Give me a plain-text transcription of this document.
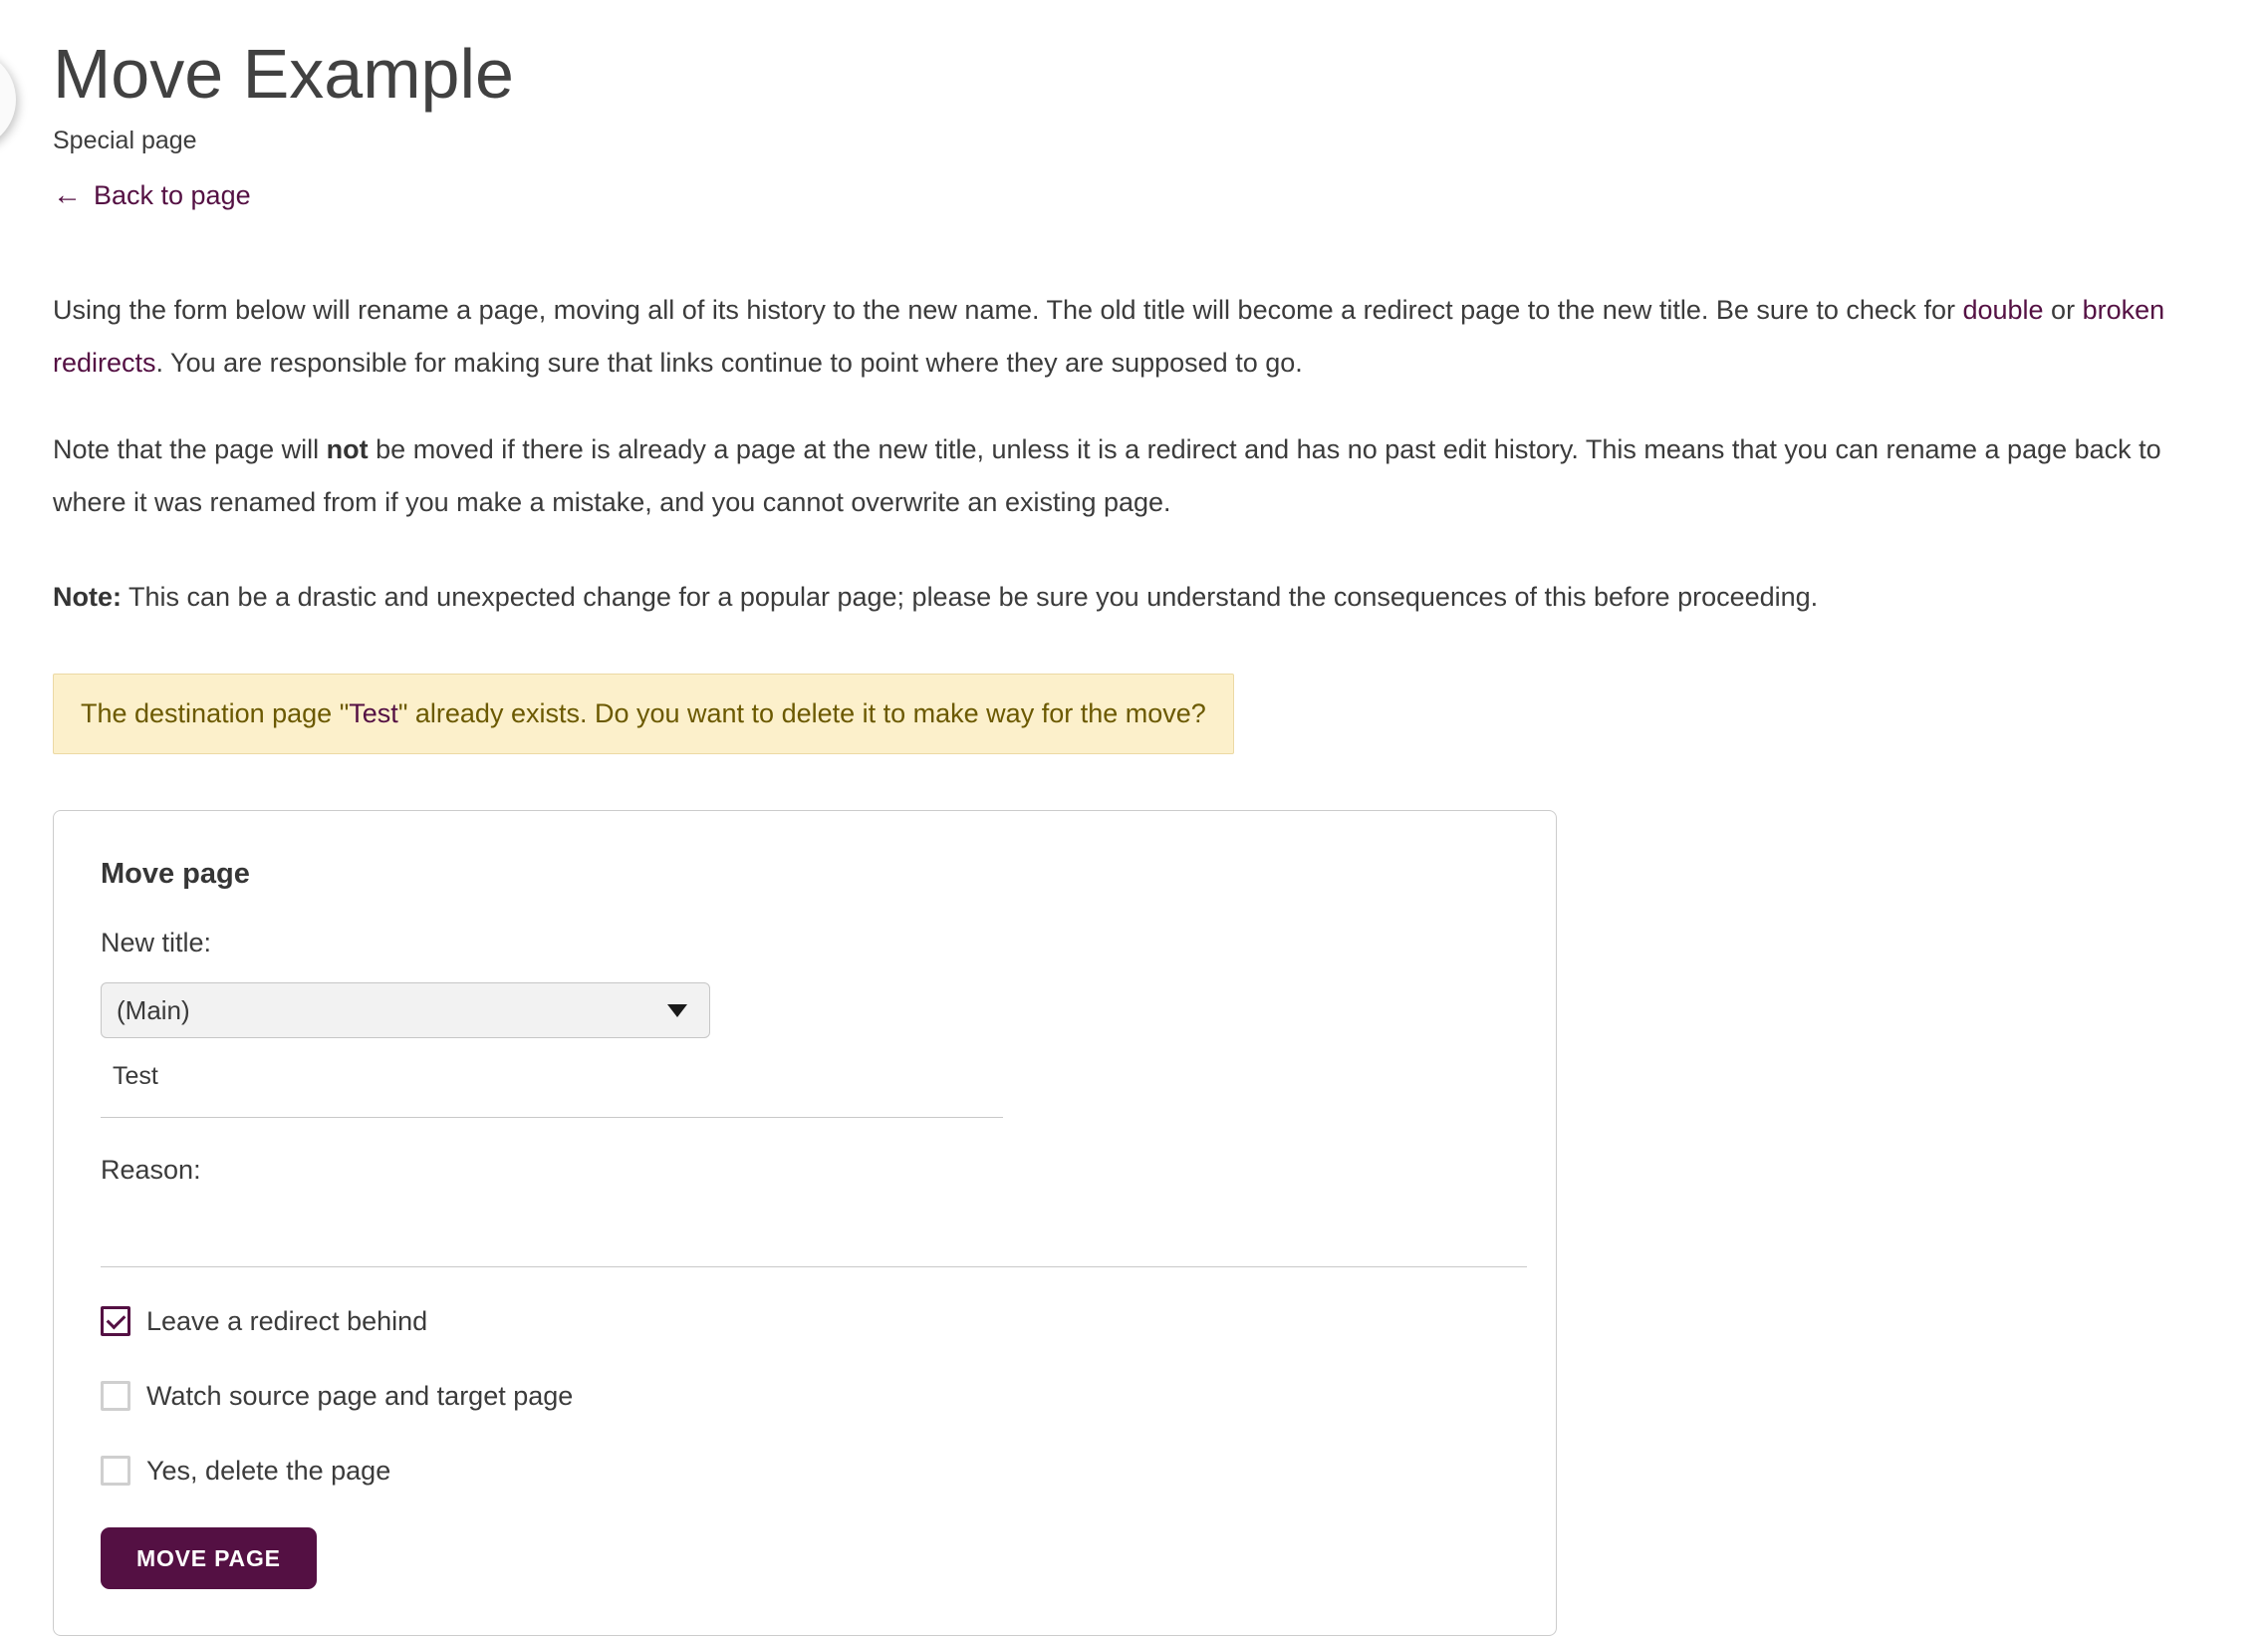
Move Example
Special page
← Back to page

Using the form below will rename a page, moving all of its history to the new name. The old title will become a redirect page to the new title. Be sure to check for double or broken redirects. You are responsible for making sure that links continue to point where they are supposed to go.

Note that the page will not be moved if there is already a page at the new title, unless it is a redirect and has no past edit history. This means that you can rename a page back to where it was renamed from if you make a mistake, and you cannot overwrite an existing page.

Note: This can be a drastic and unexpected change for a popular page; please be sure you understand the consequences of this before proceeding.

The destination page "Test" already exists. Do you want to delete it to make way for the move?
Move page
New title:
(Main)
Test
Reason:
Leave a redirect behind
Watch source page and target page
Yes, delete the page
MOVE PAGE
